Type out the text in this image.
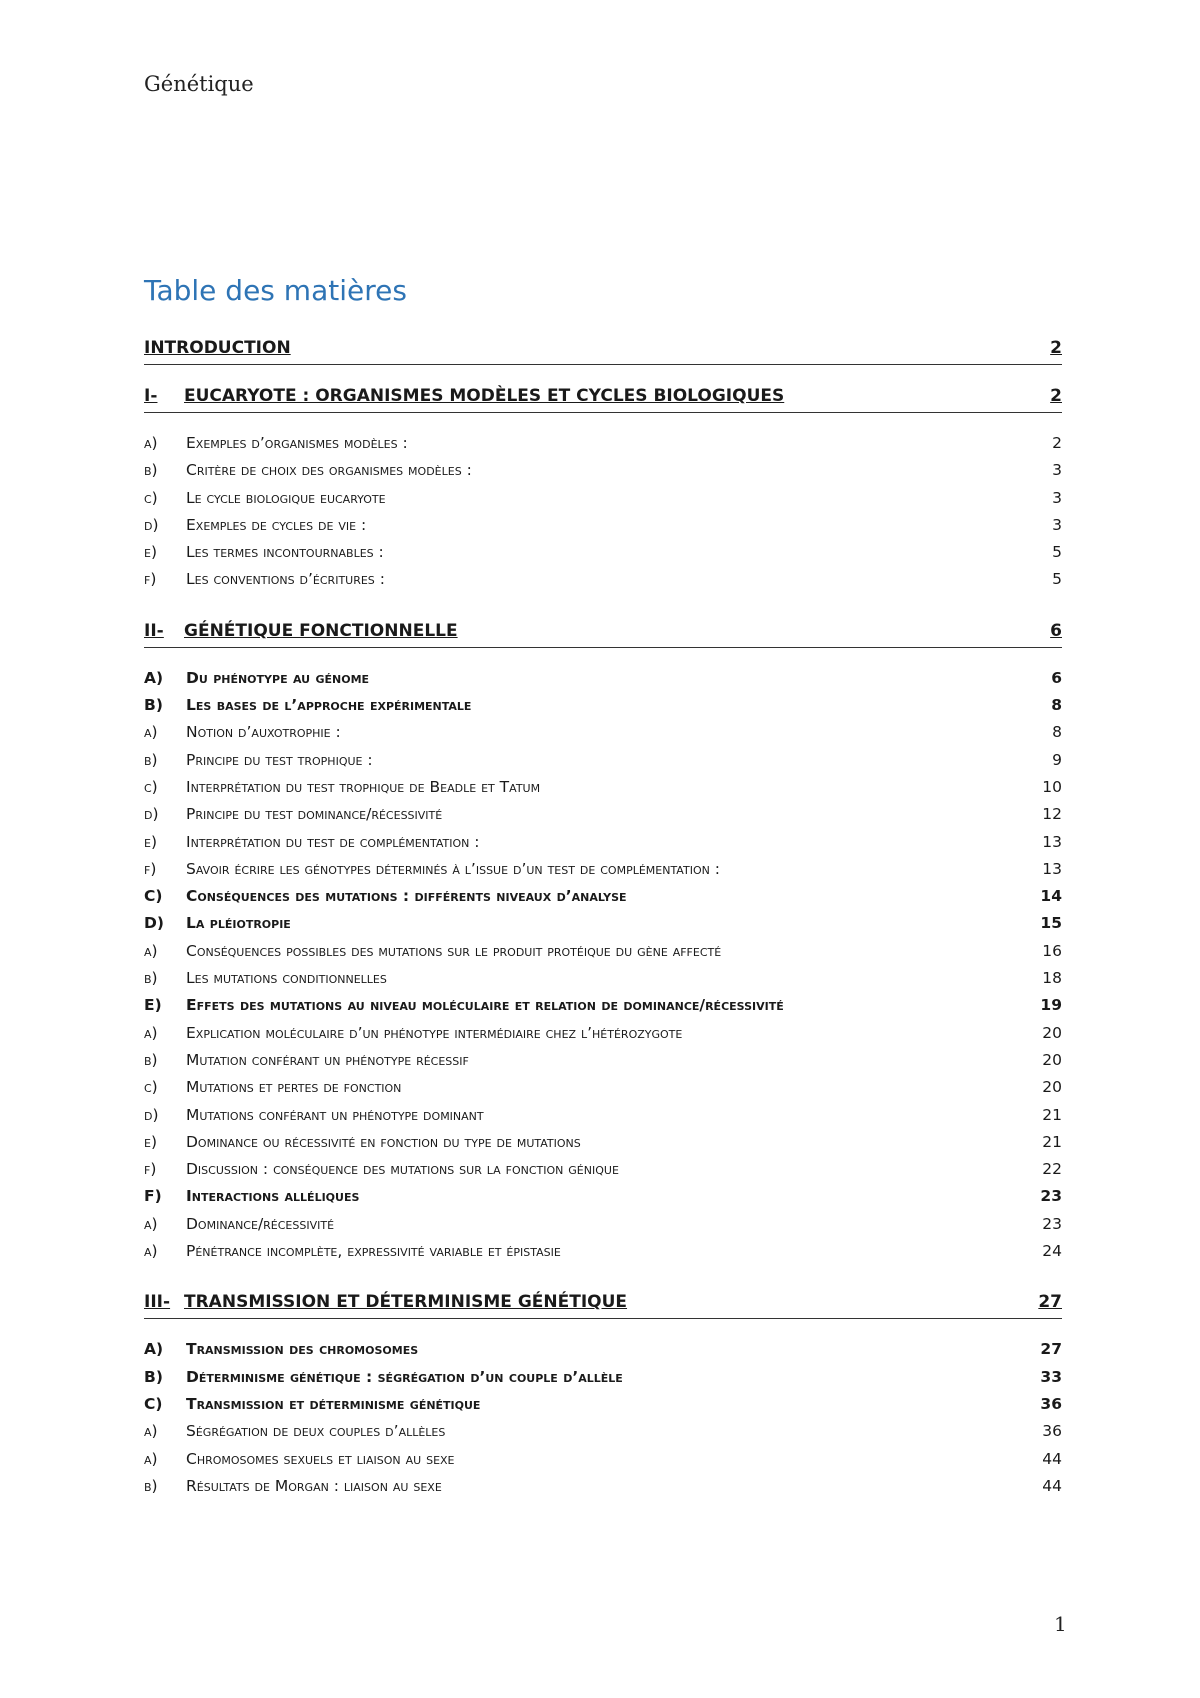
Génétique
Table des matières
INTRODUCTION	2
I-	EUCARYOTE : ORGANISMES MODÈLES ET CYCLES BIOLOGIQUES	2
a)	Exemples d’organismes modèles :	2
b)	Critère de choix des organismes modèles :	3
c)	Le cycle biologique eucaryote	3
d)	Exemples de cycles de vie :	3
e)	Les termes incontournables :	5
f)	Les conventions d’écritures :	5
II-	GÉNÉTIQUE FONCTIONNELLE	6
A)	Du phénotype au génome	6
B)	Les bases de l’approche expérimentale	8
a)	Notion d’auxotrophie :	8
b)	Principe du test trophique :	9
c)	Interprétation du test trophique de Beadle et Tatum	10
d)	Principe du test dominance/récessivité	12
e)	Interprétation du test de complémentation :	13
f)	Savoir écrire les génotypes déterminés à l’issue d’un test de complémentation :	13
C)	Conséquences des mutations : différents niveaux d’analyse	14
D)	La pléiotropie	15
a)	Conséquences possibles des mutations sur le produit protéique du gène affecté	16
b)	Les mutations conditionnelles	18
E)	Effets des mutations au niveau moléculaire et relation de dominance/récessivité	19
a)	Explication moléculaire d’un phénotype intermédiaire chez l’hétérozygote	20
b)	Mutation conférant un phénotype récessif	20
c)	Mutations et pertes de fonction	20
d)	Mutations conférant un phénotype dominant	21
e)	Dominance ou récessivité en fonction du type de mutations	21
f)	Discussion : conséquence des mutations sur la fonction génique	22
F)	Interactions alléliques	23
a)	Dominance/récessivité	23
a)	Pénétrance incomplète, expressivité variable et épistasie	24
III- TRANSMISSION ET DÉTERMINISME GÉNÉTIQUE	27
A)	Transmission des chromosomes	27
B)	Déterminisme génétique : ségrégation d’un couple d’allèle	33
C)	Transmission et déterminisme génétique	36
a)	Ségrégation de deux couples d’allèles	36
a)	Chromosomes sexuels et liaison au sexe	44
b)	Résultats de Morgan : liaison au sexe	44
1
